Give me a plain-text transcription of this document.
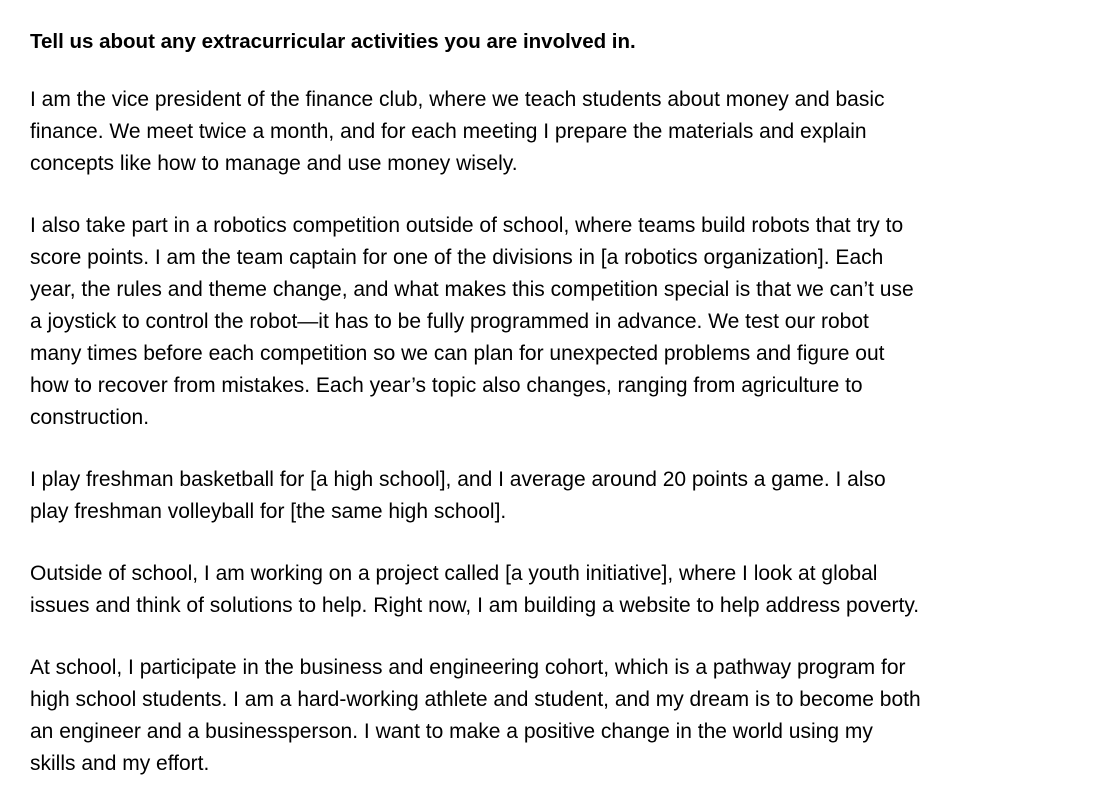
Tell us about any extracurricular activities you are involved in.

I am the vice president of the finance club, where we teach students about money and basic
finance. We meet twice a month, and for each meeting I prepare the materials and explain
concepts like how to manage and use money wisely.

I also take part in a robotics competition outside of school, where teams build robots that try to
score points. I am the team captain for one of the divisions in [a robotics organization]. Each
year, the rules and theme change, and what makes this competition special is that we can’t use
a joystick to control the robot—it has to be fully programmed in advance. We test our robot
many times before each competition so we can plan for unexpected problems and figure out
how to recover from mistakes. Each year’s topic also changes, ranging from agriculture to
construction.

I play freshman basketball for [a high school], and I average around 20 points a game. I also
play freshman volleyball for [the same high school].

Outside of school, I am working on a project called [a youth initiative], where I look at global
issues and think of solutions to help. Right now, I am building a website to help address poverty.

At school, I participate in the business and engineering cohort, which is a pathway program for
high school students. I am a hard-working athlete and student, and my dream is to become both
an engineer and a businessperson. I want to make a positive change in the world using my
skills and my effort.
